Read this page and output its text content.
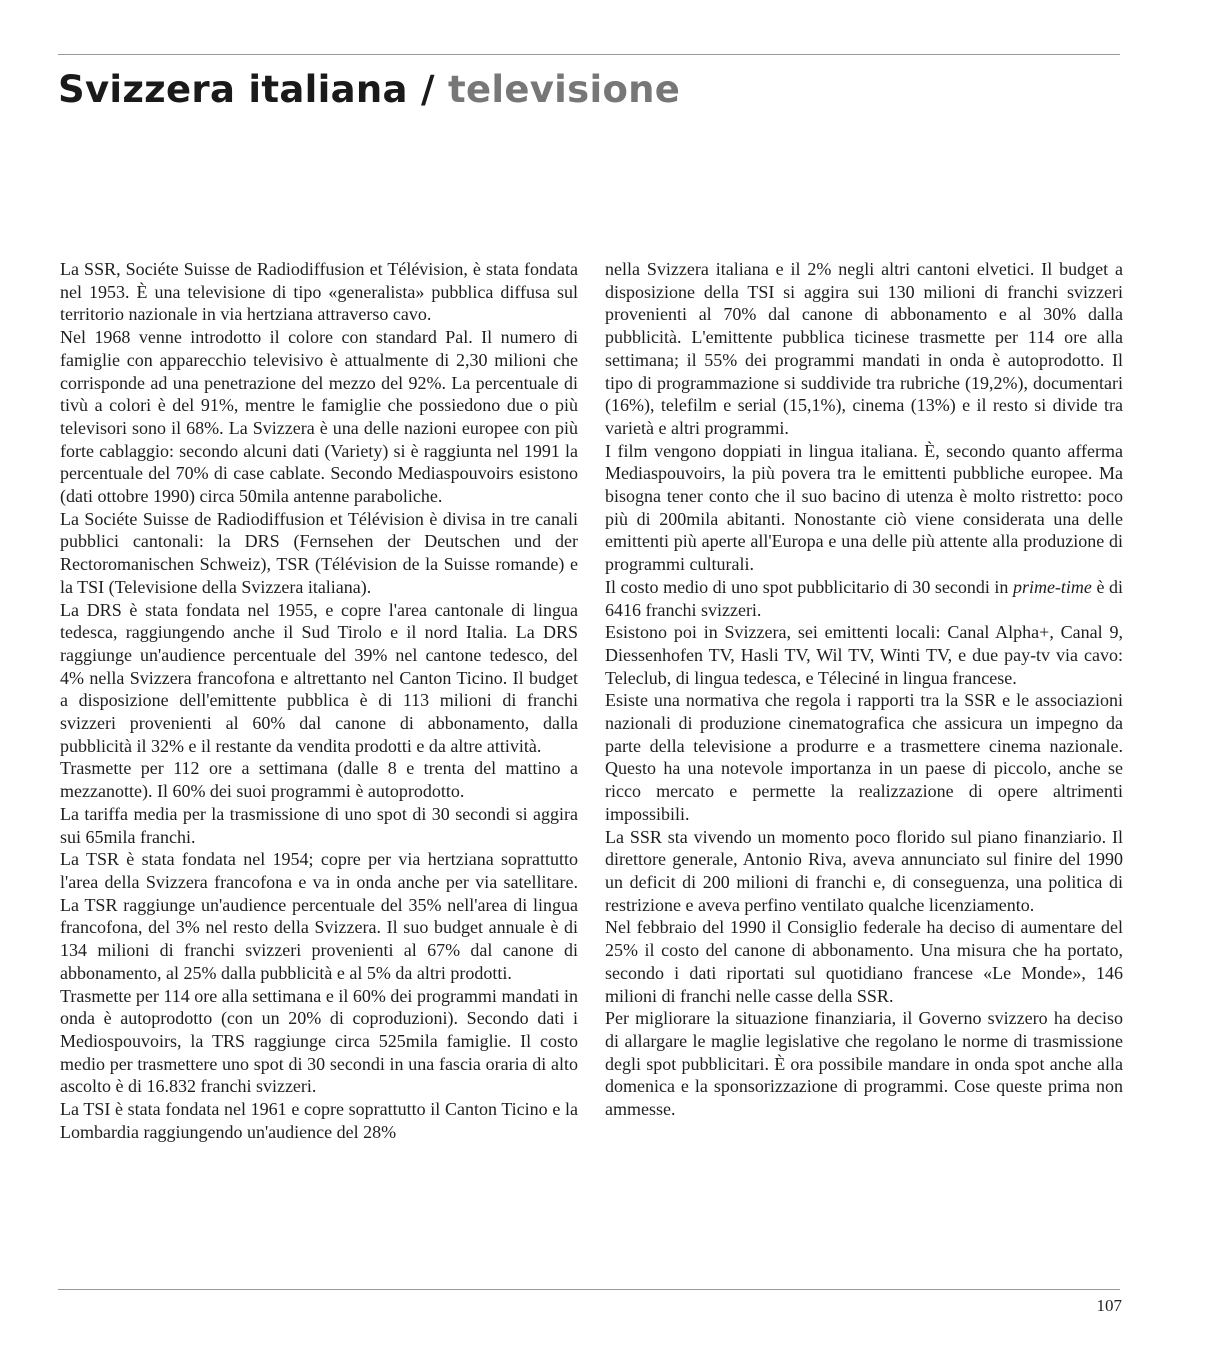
Svizzera italiana / televisione

La SSR, Sociéte Suisse de Radiodiffusion et Télévision, è stata fondata nel 1953. È una televisione di tipo «generalista» pubblica diffusa sul territorio nazionale in via hertziana attraverso cavo.

Nel 1968 venne introdotto il colore con standard Pal. Il numero di famiglie con apparecchio televisivo è attualmente di 2,30 milioni che corrisponde ad una penetrazione del mezzo del 92%. La percentuale di tivù a colori è del 91%, mentre le famiglie che possiedono due o più televisori sono il 68%. La Svizzera è una delle nazioni europee con più forte cablaggio: secondo alcuni dati (Variety) si è raggiunta nel 1991 la percentuale del 70% di case cablate. Secondo Mediaspouvoirs esistono (dati ottobre 1990) circa 50mila antenne paraboliche.

La Sociéte Suisse de Radiodiffusion et Télévision è divisa in tre canali pubblici cantonali: la DRS (Fernsehen der Deutschen und der Rectoromanischen Schweiz), TSR (Télévision de la Suisse romande) e la TSI (Televisione della Svizzera italiana).

La DRS è stata fondata nel 1955, e copre l'area cantonale di lingua tedesca, raggiungendo anche il Sud Tirolo e il nord Italia. La DRS raggiunge un'audience percentuale del 39% nel cantone tedesco, del 4% nella Svizzera francofona e altrettanto nel Canton Ticino. Il budget a disposizione dell'emittente pubblica è di 113 milioni di franchi svizzeri provenienti al 60% dal canone di abbonamento, dalla pubblicità il 32% e il restante da vendita prodotti e da altre attività.

Trasmette per 112 ore a settimana (dalle 8 e trenta del mattino a mezzanotte). Il 60% dei suoi programmi è autoprodotto.

La tariffa media per la trasmissione di uno spot di 30 secondi si aggira sui 65mila franchi.

La TSR è stata fondata nel 1954; copre per via hertziana soprattutto l'area della Svizzera francofona e va in onda anche per via satellitare. La TSR raggiunge un'audience percentuale del 35% nell'area di lingua francofona, del 3% nel resto della Svizzera. Il suo budget annuale è di 134 milioni di franchi svizzeri provenienti al 67% dal canone di abbonamento, al 25% dalla pubblicità e al 5% da altri prodotti.

Trasmette per 114 ore alla settimana e il 60% dei programmi mandati in onda è autoprodotto (con un 20% di coproduzioni). Secondo dati i Mediospouvoirs, la TRS raggiunge circa 525mila famiglie. Il costo medio per trasmettere uno spot di 30 secondi in una fascia oraria di alto ascolto è di 16.832 franchi svizzeri.

La TSI è stata fondata nel 1961 e copre soprattutto il Canton Ticino e la Lombardia raggiungendo un'audience del 28%

nella Svizzera italiana e il 2% negli altri cantoni elvetici. Il budget a disposizione della TSI si aggira sui 130 milioni di franchi svizzeri provenienti al 70% dal canone di abbonamento e al 30% dalla pubblicità. L'emittente pubblica ticinese trasmette per 114 ore alla settimana; il 55% dei programmi mandati in onda è autoprodotto. Il tipo di programmazione si suddivide tra rubriche (19,2%), documentari (16%), telefilm e serial (15,1%), cinema (13%) e il resto si divide tra varietà e altri programmi.

I film vengono doppiati in lingua italiana. È, secondo quanto afferma Mediaspouvoirs, la più povera tra le emittenti pubbliche europee. Ma bisogna tener conto che il suo bacino di utenza è molto ristretto: poco più di 200mila abitanti. Nonostante ciò viene considerata una delle emittenti più aperte all'Europa e una delle più attente alla produzione di programmi culturali.

Il costo medio di uno spot pubblicitario di 30 secondi in prime-time è di 6416 franchi svizzeri.

Esistono poi in Svizzera, sei emittenti locali: Canal Alpha+, Canal 9, Diessenhofen TV, Hasli TV, Wil TV, Winti TV, e due pay-tv via cavo: Teleclub, di lingua tedesca, e Téleciné in lingua francese.

Esiste una normativa che regola i rapporti tra la SSR e le associazioni nazionali di produzione cinematografica che assicura un impegno da parte della televisione a produrre e a trasmettere cinema nazionale. Questo ha una notevole importanza in un paese di piccolo, anche se ricco mercato e permette la realizzazione di opere altrimenti impossibili.

La SSR sta vivendo un momento poco florido sul piano finanziario. Il direttore generale, Antonio Riva, aveva annunciato sul finire del 1990 un deficit di 200 milioni di franchi e, di conseguenza, una politica di restrizione e aveva perfino ventilato qualche licenziamento.

Nel febbraio del 1990 il Consiglio federale ha deciso di aumentare del 25% il costo del canone di abbonamento. Una misura che ha portato, secondo i dati riportati sul quotidiano francese «Le Monde», 146 milioni di franchi nelle casse della SSR.

Per migliorare la situazione finanziaria, il Governo svizzero ha deciso di allargare le maglie legislative che regolano le norme di trasmissione degli spot pubblicitari. È ora possibile mandare in onda spot anche alla domenica e la sponsorizzazione di programmi. Cose queste prima non ammesse.

107
